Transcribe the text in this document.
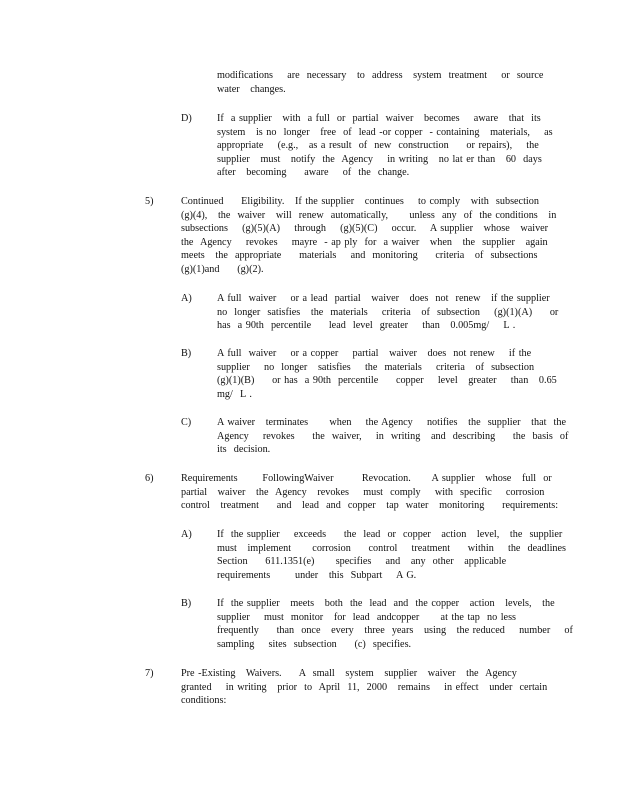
modifications    are  necessary   to  address   system  treatment    or  source
water   changes.
D) If  a supplier   with  a full  or  partial  waiver   becomes    aware   that  its
system   is no  longer   free  of  lead -or copper  - containing   materials,    as
appropriate    (e.g.,   as a result  of  new  construction     or repairs),    the
supplier   must   notify  the  Agency    in writing   no lat er than   60  days
after   becoming     aware    of  the  change.
5)	Continued     Eligibility.   If the supplier   continues    to comply   with  subsection
(g)(4),   the  waiver   will  renew  automatically,      unless  any  of  the conditions   in
subsections    (g)(5)(A)    through    (g)(5)(C)    occur.    A supplier   whose   waiver
the  Agency    revokes    mayre  - ap ply  for  a waiver   when   the  supplier   again
meets   the  appropriate     materials    and  monitoring     criteria   of  subsections
(g)(1)and     (g)(2).
A) A full  waiver    or a lead  partial   waiver   does  not  renew   if the supplier
no  longer  satisfies   the  materials    criteria   of  subsection    (g)(1)(A)     or
has  a 90th  percentile     lead  level  greater    than   0.005mg/    L .
B)	A full  waiver    or a copper    partial   waiver   does  not renew    if the
supplier    no  longer   satisfies    the  materials    criteria   of  subsection
(g)(1)(B)     or has  a 90th  percentile     copper    level   greater    than   0.65
mg/  L .
C)	A waiver   terminates      when    the Agency    notifies   the  supplier   that  the
Agency    revokes     the  waiver,    in  writing   and  describing     the  basis  of
its  decision.
6)	Requirements       FollowingWaiver        Revocation.      A supplier   whose   full  or
partial   waiver   the  Agency   revokes    must  comply    with  specific    corrosion
control   treatment     and   lead  and  copper   tap  water   monitoring     requirements:
A) If  the supplier    exceeds     the  lead  or  copper   action   level,   the  supplier
must   implement      corrosion     control    treatment     within    the  deadlines
Section     611.1351(e)      specifies    and   any  other   applicable
requirements       under   this  Subpart    A G.
B)	If  the supplier   meets   both  the  lead  and  the copper   action   levels,   the
supplier    must  monitor   for  lead  andcopper      at the tap  no less
frequently     than  once   every   three  years   using   the reduced    number    of
sampling    sites  subsection     (c)  specifies.
7)	Pre -Existing   Waivers.     A  small   system   supplier   waiver   the  Agency
granted    in writing   prior  to  April  11,  2000   remains    in effect   under  certain
conditions:
